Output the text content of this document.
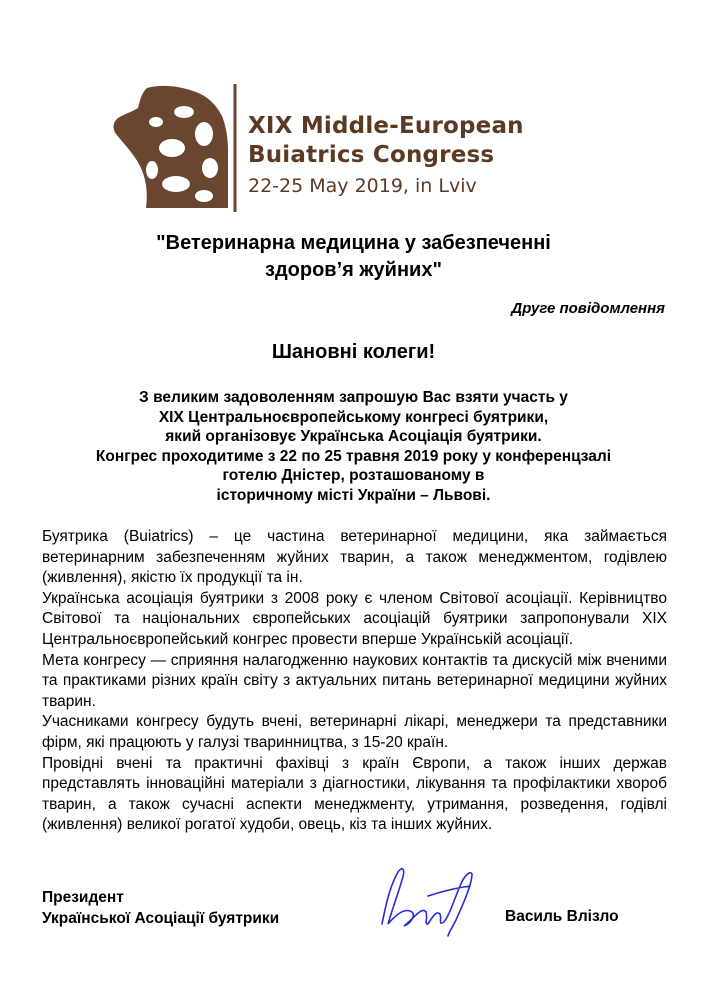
XIX Middle-European
Buiatrics Congress
22-25 May 2019, in Lviv
"Ветеринарна медицина у забезпеченні
здоров’я жуйних"
Друге повідомлення
Шановні колеги!
З великим задоволенням запрошую Вас взяти участь у
XIX Центральноєвропейському конгресі буятрики,
який організовує Українська Асоціація буятрики.
Конгрес проходитиме з 22 по 25 травня 2019 року у конференцзалі
готелю Дністер, розташованому в
історичному місті України – Львові.

Буятрика (Buiatrics) – це частина ветеринарної медицини, яка займається ветеринарним забезпеченням жуйних тварин, а також менеджментом, годівлею (живлення), якістю їх продукції та ін.

Українська асоціація буятрики з 2008 року є членом Світової асоціації. Керівництво Світової та національних європейських асоціацій буятрики запропонували XIX Центральноєвропейський конгрес провести вперше Українській асоціації.

Мета конгресу — сприяння налагодженню наукових контактів та дискусій між вченими та практиками різних країн світу з актуальних питань ветеринарної медицини жуйних тварин.

Учасниками конгресу будуть вчені, ветеринарні лікарі, менеджери та представники фірм, які працюють у галузі тваринництва, з 15-20 країн.

Провідні вчені та практичні фахівці з країн Європи, а також інших держав представлять інноваційні матеріали з діагностики, лікування та профілактики хвороб тварин, а також сучасні аспекти менеджменту, утримання, розведення, годівлі (живлення) великої рогатої худоби, овець, кіз та інших жуйних.

Президент
Української Асоціації буятрики	Василь Влізло
